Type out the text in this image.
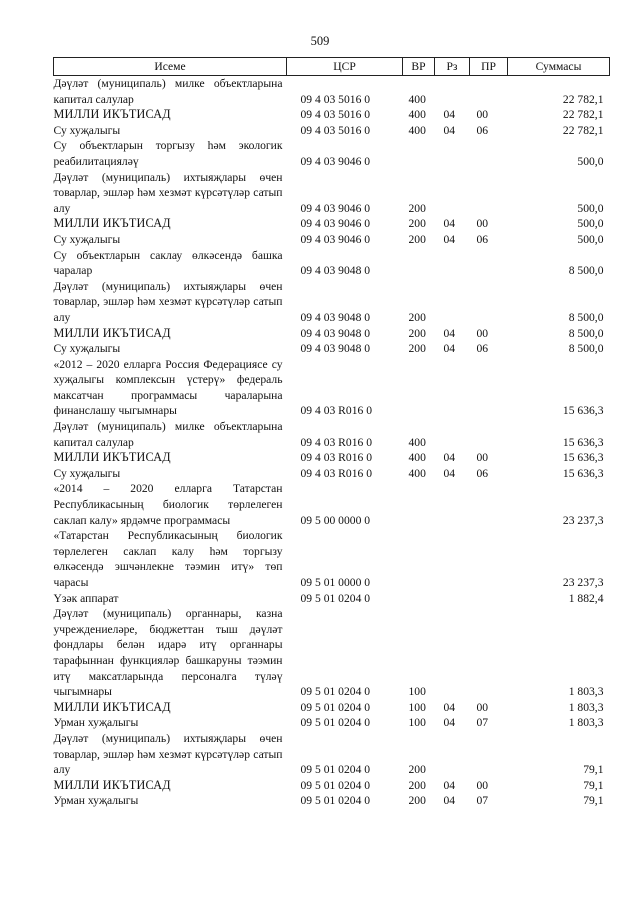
509
Исеме	ЦСР	ВР	Рз	ПР	Суммасы
Дәүләт (муниципаль) милке объектларына капитал салулар	09 4 03 5016 0	400			22 782,1
МИЛЛИ ИКЪТИСАД	09 4 03 5016 0	400	04	00	22 782,1
Су хуҗалыгы	09 4 03 5016 0	400	04	06	22 782,1
Су объектларын торгызу һәм экологик реабилитацияләү	09 4 03 9046 0				500,0
Дәүләт (муниципаль) ихтыяҗлары өчен товарлар, эшләр һәм хезмәт күрсәтүләр сатып алу	09 4 03 9046 0	200			500,0
МИЛЛИ ИКЪТИСАД	09 4 03 9046 0	200	04	00	500,0
Су хуҗалыгы	09 4 03 9046 0	200	04	06	500,0
Су объектларын саклау өлкәсендә башка чаралар	09 4 03 9048 0				8 500,0
Дәүләт (муниципаль) ихтыяҗлары өчен товарлар, эшләр һәм хезмәт күрсәтүләр сатып алу	09 4 03 9048 0	200			8 500,0
МИЛЛИ ИКЪТИСАД	09 4 03 9048 0	200	04	00	8 500,0
Су хуҗалыгы	09 4 03 9048 0	200	04	06	8 500,0
«2012 – 2020 елларга Россия Федерациясе су хуҗалыгы комплексын үстерү» федераль максатчан программасы чараларына финанслашу чыгымнары	09 4 03 R016 0				15 636,3
Дәүләт (муниципаль) милке объектларына капитал салулар	09 4 03 R016 0	400			15 636,3
МИЛЛИ ИКЪТИСАД	09 4 03 R016 0	400	04	00	15 636,3
Су хуҗалыгы	09 4 03 R016 0	400	04	06	15 636,3
«2014 – 2020 елларга Татарстан Республикасының биологик төрлелеген саклап калу» ярдәмче программасы	09 5 00 0000 0				23 237,3
«Татарстан Республикасының биологик төрлелеген саклап калу һәм торгызу өлкәсендә эшчәнлекне тәэмин итү» төп чарасы	09 5 01 0000 0				23 237,3
Үзәк аппарат	09 5 01 0204 0				1 882,4
Дәүләт (муниципаль) органнары, казна учреждениеләре, бюджеттан тыш дәүләт фондлары белән идарә итү органнары тарафыннан функцияләр башкаруны тәэмин итү максатларында персоналга түләү чыгымнары	09 5 01 0204 0	100			1 803,3
МИЛЛИ ИКЪТИСАД	09 5 01 0204 0	100	04	00	1 803,3
Урман хуҗалыгы	09 5 01 0204 0	100	04	07	1 803,3
Дәүләт (муниципаль) ихтыяҗлары өчен товарлар, эшләр һәм хезмәт күрсәтүләр сатып алу	09 5 01 0204 0	200			79,1
МИЛЛИ ИКЪТИСАД	09 5 01 0204 0	200	04	00	79,1
Урман хуҗалыгы	09 5 01 0204 0	200	04	07	79,1
